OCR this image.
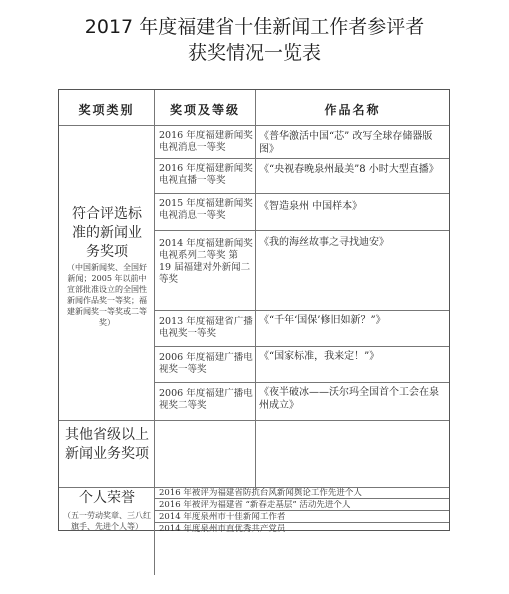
2017 年度福建省十佳新闻工作者参评者
获奖情况一览表
奖项类别	奖项及等级	作品名称
符合评选标准的新闻业务奖项
（中国新闻奖、全国好新闻；2005 年以前中宣部批准设立的全国性新闻作品奖一等奖；福建新闻奖一等奖或二等奖）
2016 年度福建新闻奖电视消息一等奖
《普华激活中国“芯” 改写全球存储器版图》
2016 年度福建新闻奖电视直播一等奖
《“央视春晚泉州最美”8 小时大型直播》
2015 年度福建新闻奖电视消息一等奖
《智造泉州 中国样本》
2014 年度福建新闻奖电视系列二等奖 第 19 届福建对外新闻二等奖
《我的海丝故事之寻找迪安》
2013 年度福建省广播电视奖一等奖
《“千年‘国保’修旧如新？”》
2006 年度福建广播电视奖一等奖
《“国家标准，我来定！”》
2006 年度福建广播电视奖二等奖
《夜半破冰——沃尔玛全国首个工会在泉州成立》
其他省级以上新闻业务奖项
个人荣誉
（五一劳动奖章、三八红旗手、先进个人等）
2016 年被评为福建省防抗台风新闻舆论工作先进个人
2016 年被评为福建省 “新春走基层” 活动先进个人
2014 年度泉州市十佳新闻工作者
2014 年度泉州市直优秀共产党员
